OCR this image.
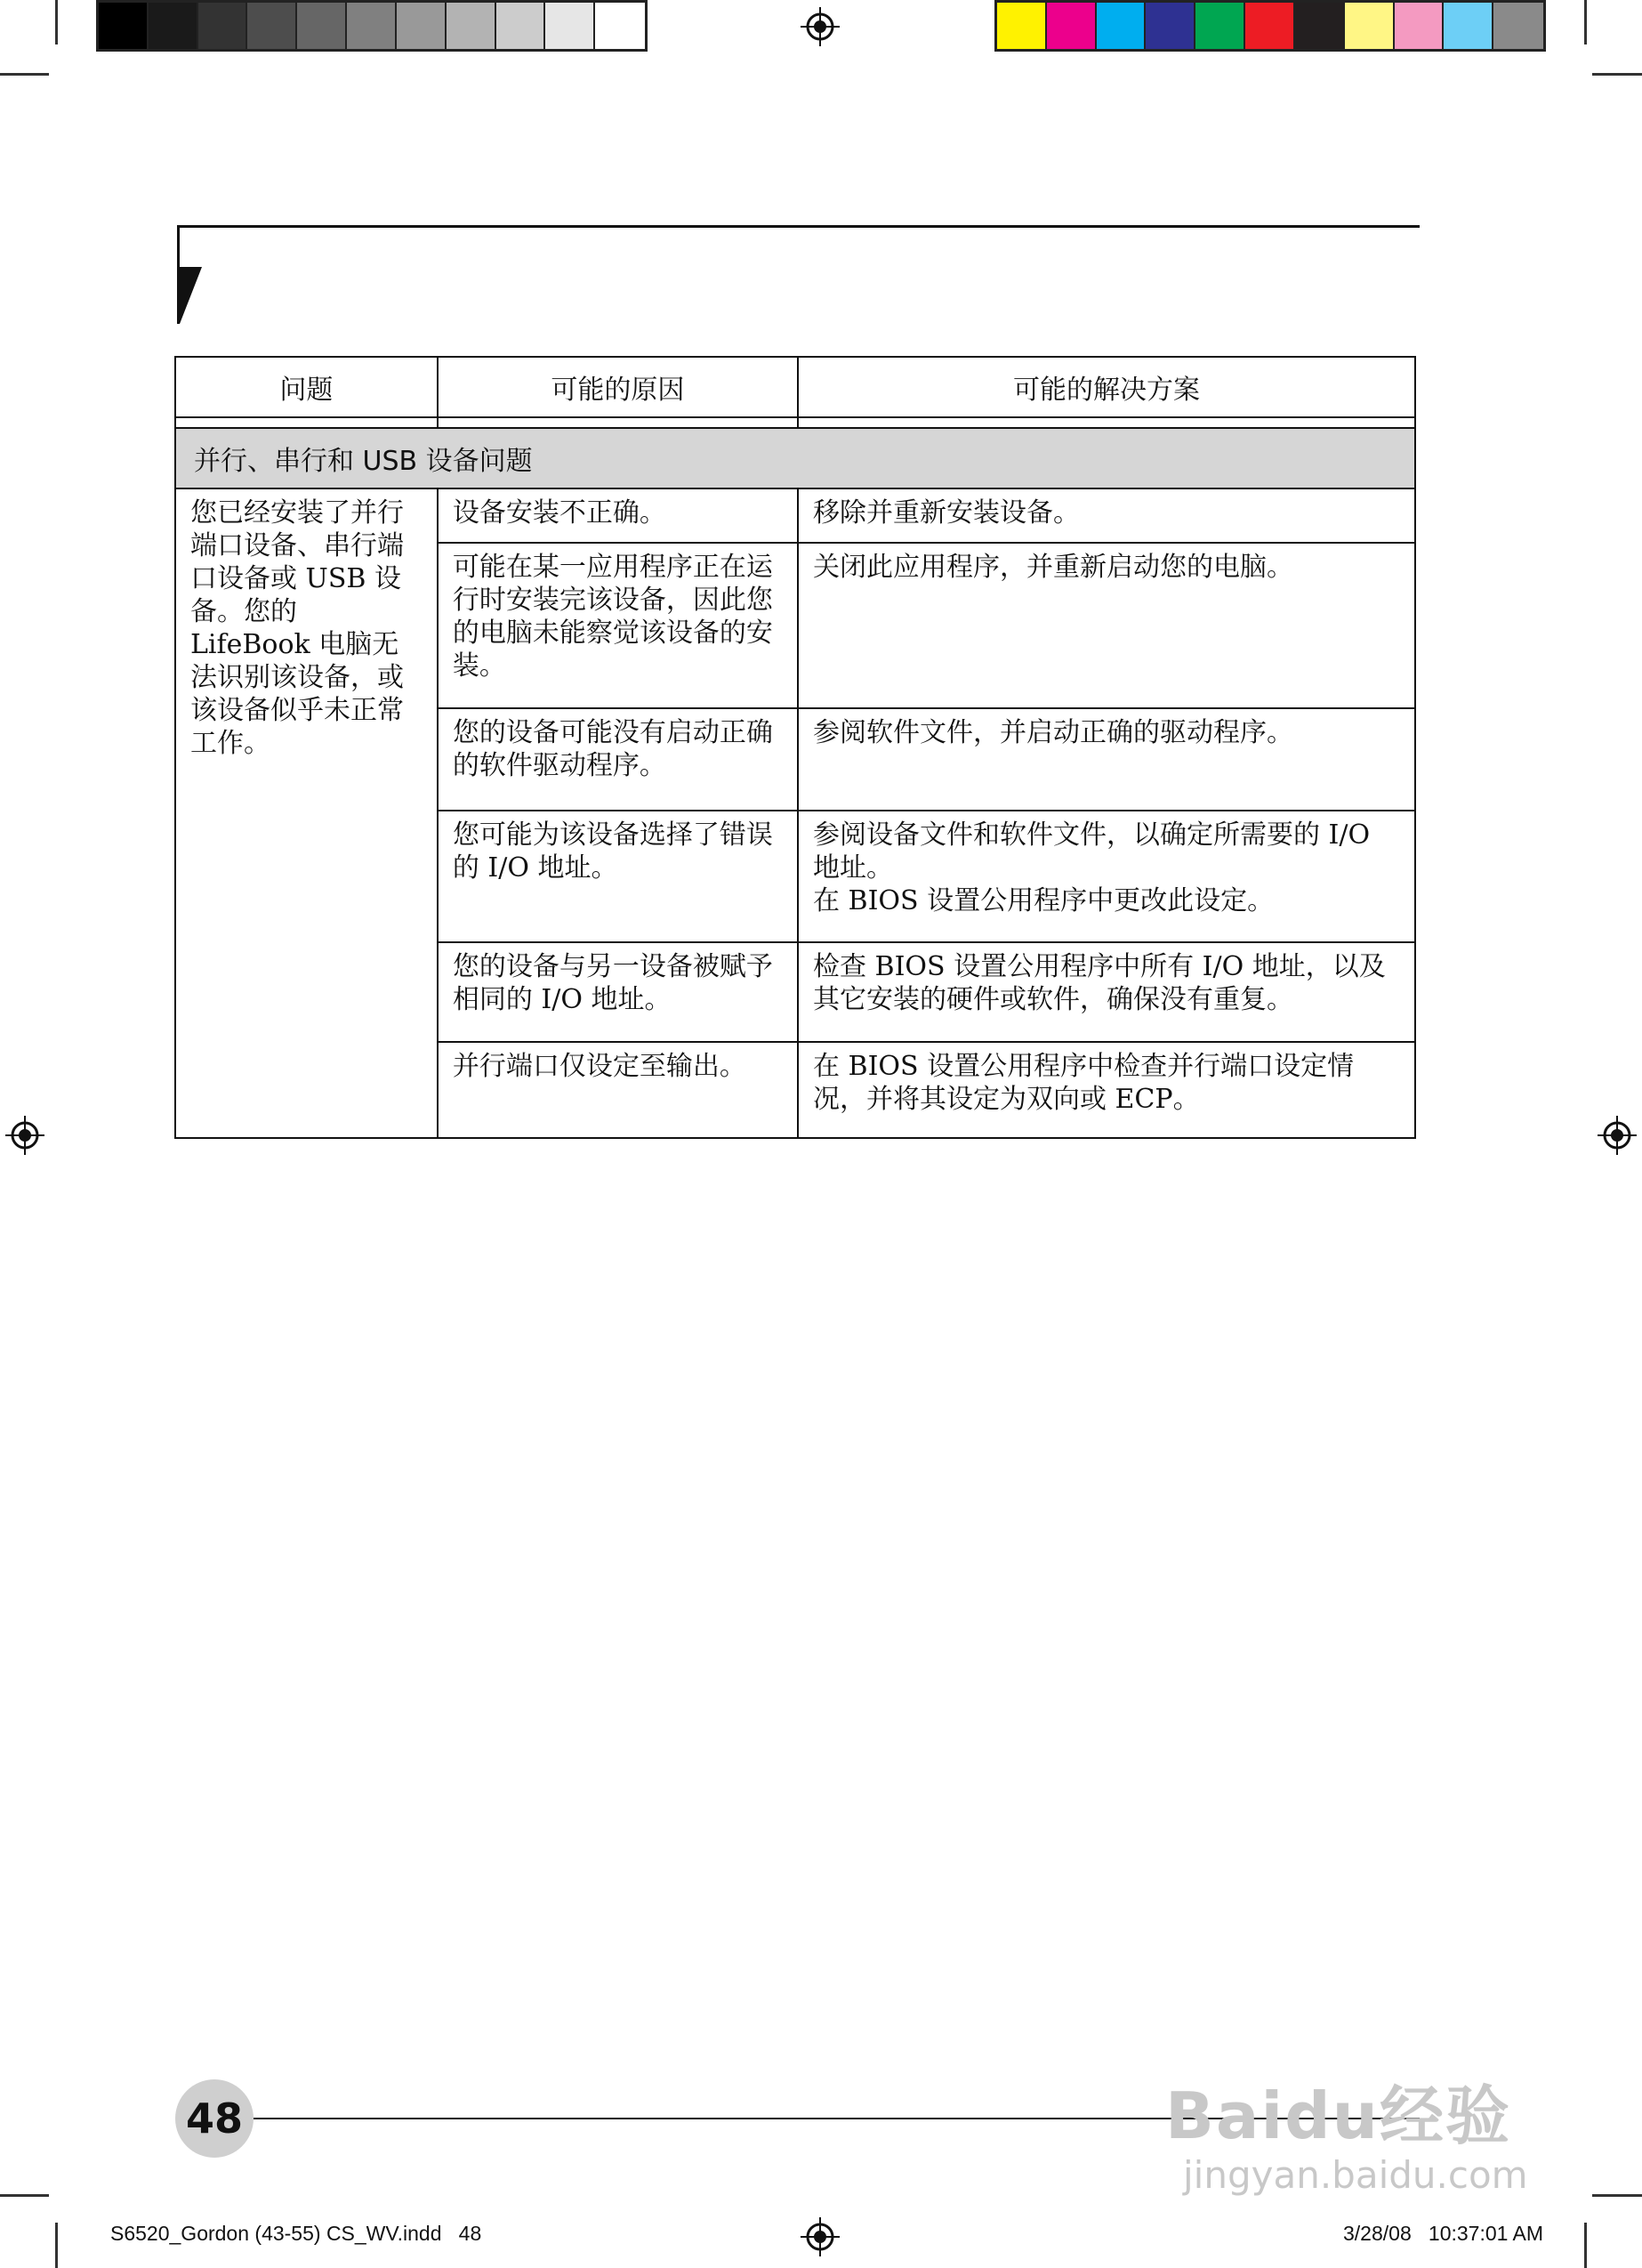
问题	可能的原因	可能的解决方案

并行、串行和 USB 设备问题		
您已经安装了并行端口设备、串行端口设备或 USB 设备。您的 LifeBook 电脑无法识别该设备，或该设备似乎未正常工作。	设备安装不正确。	移除并重新安装设备。
	可能在某一应用程序正在运行时安装完该设备，因此您的电脑未能察觉该设备的安装。	关闭此应用程序，并重新启动您的电脑。
	您的设备可能没有启动正确的软件驱动程序。	参阅软件文件，并启动正确的驱动程序。
	您可能为该设备选择了错误的 I/O 地址。	参阅设备文件和软件文件，以确定所需要的 I/O 地址。
在 BIOS 设置公用程序中更改此设定。

	您的设备与另一设备被赋予相同的 I/O 地址。	检查 BIOS 设置公用程序中所有 I/O 地址，以及其它安装的硬件或软件，确保没有重复。
	并行端口仅设定至输出。	在 BIOS 设置公用程序中检查并行端口设定情况，并将其设定为双向或 ECP。
48	Baidu经验
jingyan.baidu.com
S6520_Gordon (43-55) CS_WV.indd   48	3/28/08   10:37:01 AM
